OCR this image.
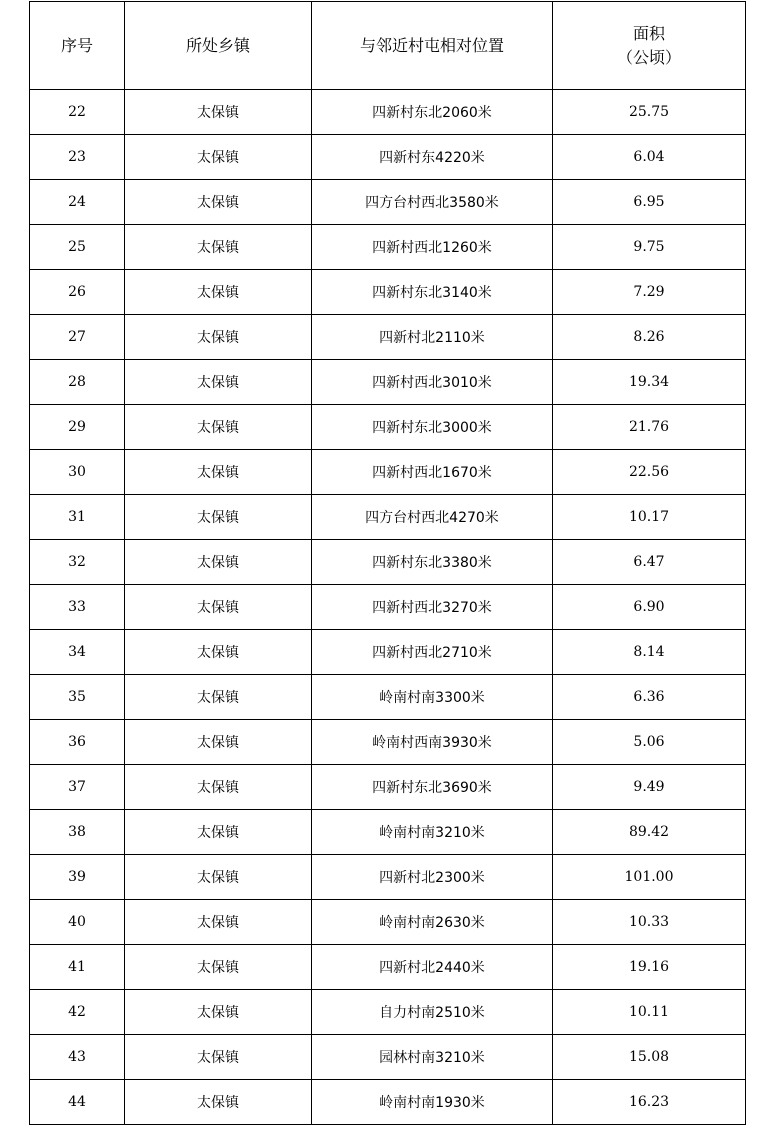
序号	所处乡镇	与邻近村屯相对位置	面积
（公顷）

22	太保镇	四新村东北2060米	25.75
23	太保镇	四新村东4220米	6.04
24	太保镇	四方台村西北3580米	6.95
25	太保镇	四新村西北1260米	9.75
26	太保镇	四新村东北3140米	7.29
27	太保镇	四新村北2110米	8.26
28	太保镇	四新村西北3010米	19.34
29	太保镇	四新村东北3000米	21.76
30	太保镇	四新村西北1670米	22.56
31	太保镇	四方台村西北4270米	10.17
32	太保镇	四新村东北3380米	6.47
33	太保镇	四新村西北3270米	6.90
34	太保镇	四新村西北2710米	8.14
35	太保镇	岭南村南3300米	6.36
36	太保镇	岭南村西南3930米	5.06
37	太保镇	四新村东北3690米	9.49
38	太保镇	岭南村南3210米	89.42
39	太保镇	四新村北2300米	101.00
40	太保镇	岭南村南2630米	10.33
41	太保镇	四新村北2440米	19.16
42	太保镇	自力村南2510米	10.11
43	太保镇	园林村南3210米	15.08
44	太保镇	岭南村南1930米	16.23
